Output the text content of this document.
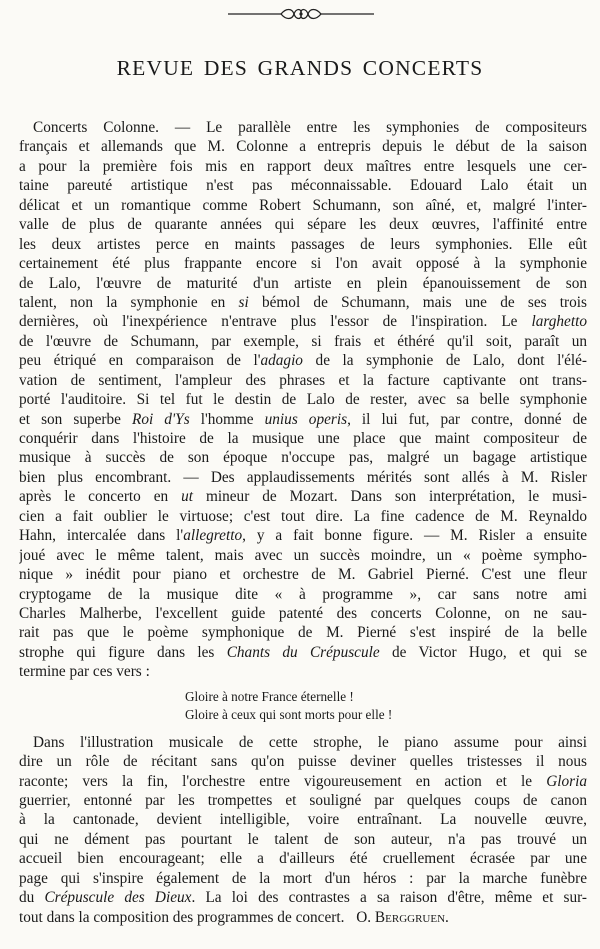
REVUE DES GRANDS CONCERTS
Concerts Colonne. — Le parallèle entre les symphonies de compositeurs
français et allemands que M. Colonne a entrepris depuis le début de la saison
a pour la première fois mis en rapport deux maîtres entre lesquels une cer-
taine pareuté artistique n'est pas méconnaissable. Edouard Lalo était un
délicat et un romantique comme Robert Schumann, son aîné, et, malgré l'inter-
valle de plus de quarante années qui sépare les deux œuvres, l'affinité entre
les deux artistes perce en maints passages de leurs symphonies. Elle eût
certainement été plus frappante encore si l'on avait opposé à la symphonie
de Lalo, l'œuvre de maturité d'un artiste en plein épanouissement de son
talent, non la symphonie en si bémol de Schumann, mais une de ses trois
dernières, où l'inexpérience n'entrave plus l'essor de l'inspiration. Le larghetto
de l'œuvre de Schumann, par exemple, si frais et éthéré qu'il soit, paraît un
peu étriqué en comparaison de l'adagio de la symphonie de Lalo, dont l'élé-
vation de sentiment, l'ampleur des phrases et la facture captivante ont trans-
porté l'auditoire. Si tel fut le destin de Lalo de rester, avec sa belle symphonie
et son superbe Roi d'Ys l'homme unius operis, il lui fut, par contre, donné de
conquérir dans l'histoire de la musique une place que maint compositeur de
musique à succès de son époque n'occupe pas, malgré un bagage artistique
bien plus encombrant. — Des applaudissements mérités sont allés à M. Risler
après le concerto en ut mineur de Mozart. Dans son interprétation, le musi-
cien a fait oublier le virtuose; c'est tout dire. La fine cadence de M. Reynaldo
Hahn, intercalée dans l'allegretto, y a fait bonne figure. — M. Risler a ensuite
joué avec le même talent, mais avec un succès moindre, un « poème sympho-
nique » inédit pour piano et orchestre de M. Gabriel Pierné. C'est une fleur
cryptogame de la musique dite « à programme », car sans notre ami
Charles Malherbe, l'excellent guide patenté des concerts Colonne, on ne sau-
rait pas que le poème symphonique de M. Pierné s'est inspiré de la belle
strophe qui figure dans les Chants du Crépuscule de Victor Hugo, et qui se
termine par ces vers :
Gloire à notre France éternelle !
Gloire à ceux qui sont morts pour elle !
Dans l'illustration musicale de cette strophe, le piano assume pour ainsi
dire un rôle de récitant sans qu'on puisse deviner quelles tristesses il nous
raconte; vers la fin, l'orchestre entre vigoureusement en action et le Gloria
guerrier, entonné par les trompettes et souligné par quelques coups de canon
à la cantonade, devient intelligible, voire entraînant. La nouvelle œuvre,
qui ne dément pas pourtant le talent de son auteur, n'a pas trouvé un
accueil bien encourageant; elle a d'ailleurs été cruellement écrasée par une
page qui s'inspire également de la mort d'un héros : par la marche funèbre
du Crépuscule des Dieux. La loi des contrastes a sa raison d'être, même et sur-
tout dans la composition des programmes de concert. O. Berggruen.
